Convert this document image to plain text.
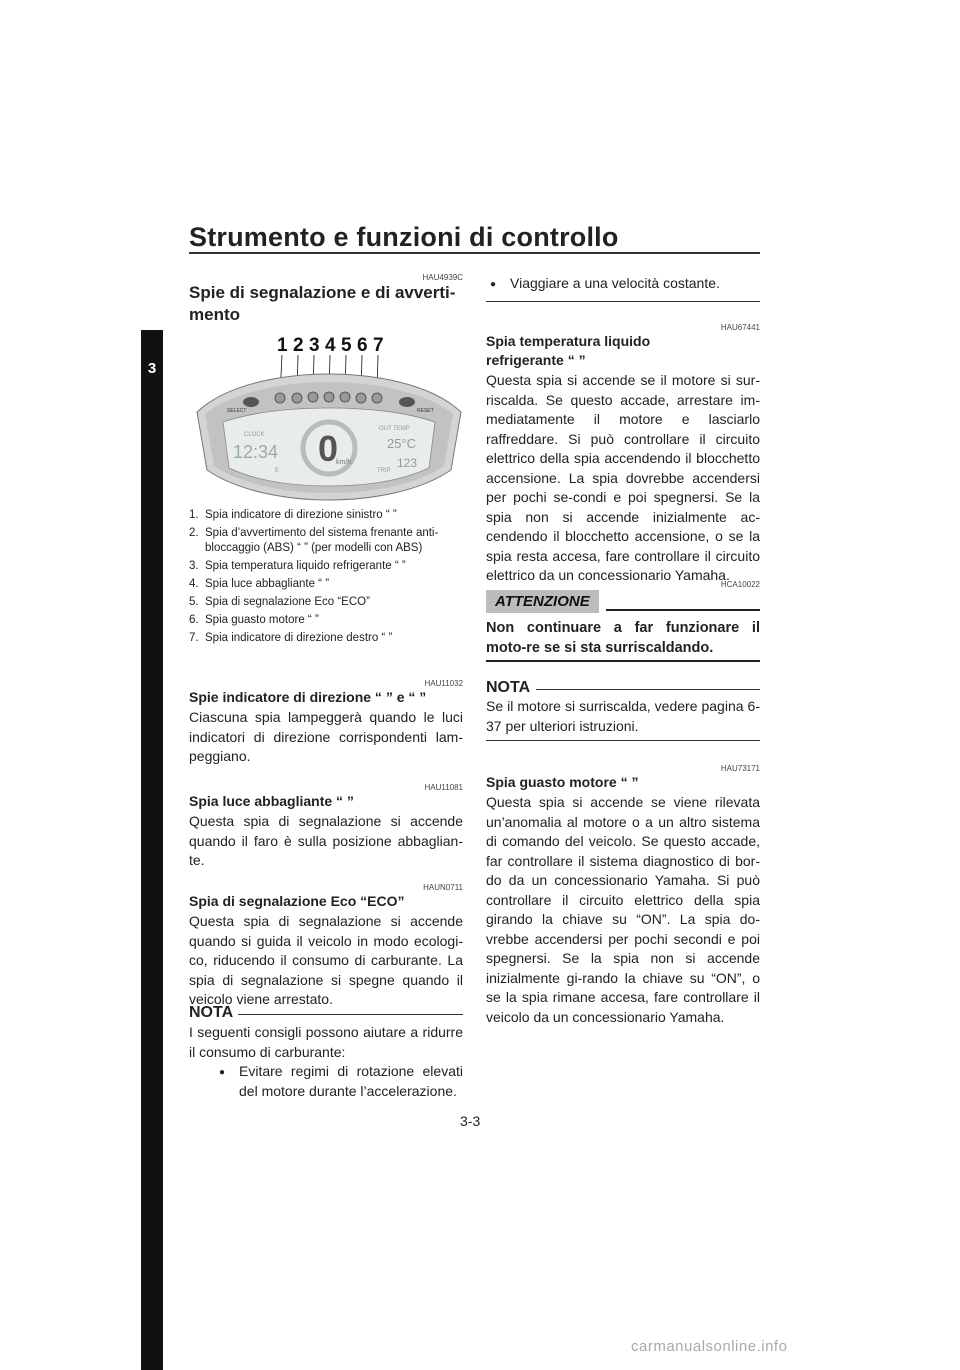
Strumento e funzioni di controllo
3
HAU4939C
Spie di segnalazione e di avverti-
mento
1 2 3 4 5 6 7
SELECT	RESET
CLOCK
12:34 0
km/h
OUT TEMP
25°C
123
E	TRIP
1. Spia indicatore di direzione sinistro “ ”
2. Spia d’avvertimento del sistema frenante anti-bloccaggio (ABS) “ ” (per modelli con ABS)
3. Spia temperatura liquido refrigerante “ ”
4. Spia luce abbagliante “ ”
5. Spia di segnalazione Eco “ECO”
6. Spia guasto motore “ ”
7. Spia indicatore di direzione destro “ ”
HAU11032
Spie indicatore di direzione “ ” e “ ”
Ciascuna spia lampeggerà quando le luci indicatori di direzione corrispondenti lam-peggiano.
HAU11081
Spia luce abbagliante “ ”
Questa spia di segnalazione si accende quando il faro è sulla posizione abbaglian-te.
HAUN0711
Spia di segnalazione Eco “ECO”
Questa spia di segnalazione si accende quando si guida il veicolo in modo ecologi-co, riducendo il consumo di carburante. La spia di segnalazione si spegne quando il veicolo viene arrestato.
NOTA
I seguenti consigli possono aiutare a ridurre il consumo di carburante:
● Evitare regimi di rotazione elevati del motore durante l’accelerazione.
● Viaggiare a una velocità costante.
HAU67441
Spia temperatura liquido
refrigerante “ ”
Questa spia si accende se il motore si sur-riscalda. Se questo accade, arrestare im-mediatamente il motore e lasciarlo raffreddare. Si può controllare il circuito elettrico della spia accendendo il blocchetto accensione. La spia dovrebbe accendersi per pochi se-condi e poi spegnersi. Se la spia non si accende inizialmente ac-cendendo il blocchetto accensione, o se la spia resta accesa, fare controllare il circuito elettrico da un concessionario Yamaha.
HCA10022
ATTENZIONE
Non continuare a far funzionare il moto-re se si sta surriscaldando.
NOTA
Se il motore si surriscalda, vedere pagina 6-37 per ulteriori istruzioni.
HAU73171
Spia guasto motore “ ”
Questa spia si accende se viene rilevata un’anomalia al motore o a un altro sistema di comando del veicolo. Se questo accade, far controllare il sistema diagnostico di bor-do da un concessionario Yamaha. Si può controllare il circuito elettrico della spia girando la chiave su “ON”. La spia do-vrebbe accendersi per pochi secondi e poi spegnersi. Se la spia non si accende inizialmente gi-rando la chiave su “ON”, o se la spia rimane accesa, fare controllare il veicolo da un concessionario Yamaha.
3-3
carmanualsonline.info
